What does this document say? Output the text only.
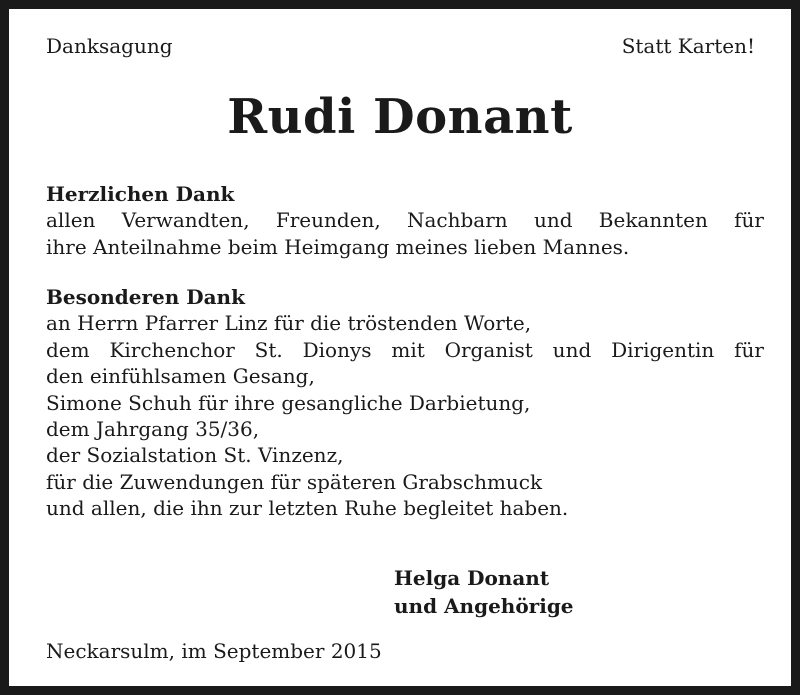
Danksagung	Statt Karten!
Rudi Donant
Herzlichen Dank
allen Verwandten, Freunden, Nachbarn und Bekannten für
ihre Anteilnahme beim Heimgang meines lieben Mannes.
Besonderen Dank
an Herrn Pfarrer Linz für die tröstenden Worte,
dem Kirchenchor St. Dionys mit Organist und Dirigentin für
den einfühlsamen Gesang,
Simone Schuh für ihre gesangliche Darbietung,
dem Jahrgang 35/36,
der Sozialstation St. Vinzenz,
für die Zuwendungen für späteren Grabschmuck
und allen, die ihn zur letzten Ruhe begleitet haben.
Helga Donant
und Angehörige
Neckarsulm, im September 2015
